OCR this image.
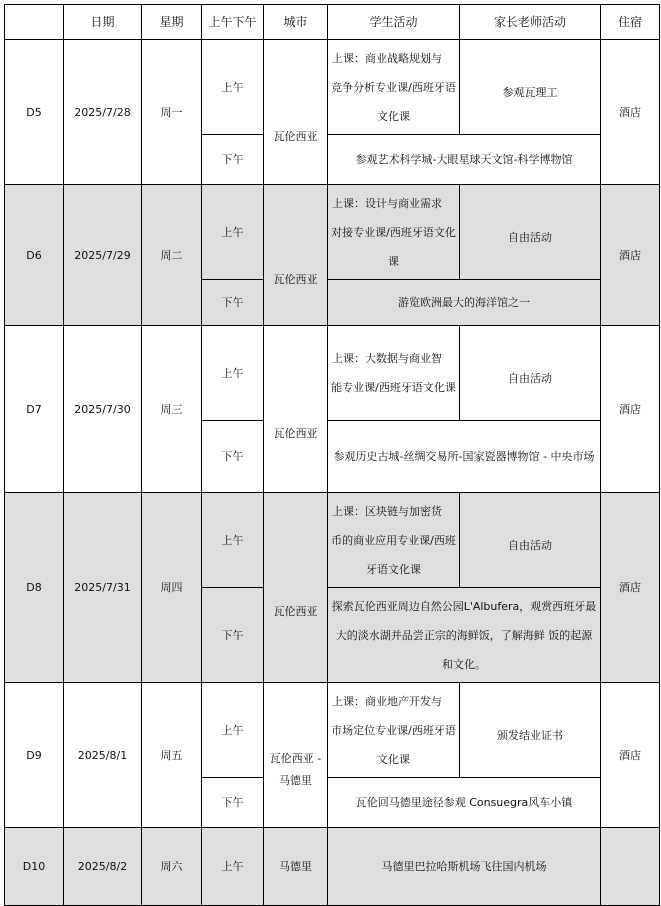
	日期	星期	上午下午	城市	学生活动	家长老师活动	住宿
D5	2025/7/28	周一	上午	瓦伦西亚	上课：商业战略规划与
竞争分析专业课/西班牙语文化课	参观瓦理工	酒店
			下午		参观艺术科学城-大眼星球天文馆-科学博物馆		
D6	2025/7/29	周二	上午	瓦伦西亚	上课：设计与商业需求
对接专业课/西班牙语文化课	自由活动	酒店
			下午		游览欧洲最大的海洋馆之一		
D7	2025/7/30	周三	上午	瓦伦西亚	上课：大数据与商业智
能专业课/西班牙语文化课	自由活动	酒店
			下午		参观历史古城-丝绸交易所-国家瓷器博物馆 - 中央市场		
D8	2025/7/31	周四	上午	瓦伦西亚	上课：区块链与加密货
币的商业应用专业课/西班牙语文化课	自由活动	酒店
			下午		探索瓦伦西亚周边自然公园L'Albufera，观赏西班牙最大的淡水湖并品尝正宗的海鲜饭，了解海鲜 饭的起源和文化。		
D9	2025/8/1	周五	上午	瓦伦西亚 - 马德里	上课：商业地产开发与
市场定位专业课/西班牙语文化课	颁发结业证书	酒店
			下午		瓦伦回马德里途径参观 Consuegra风车小镇		
D10	2025/8/2	周六	上午	马德里	马德里巴拉哈斯机场飞往国内机场		
